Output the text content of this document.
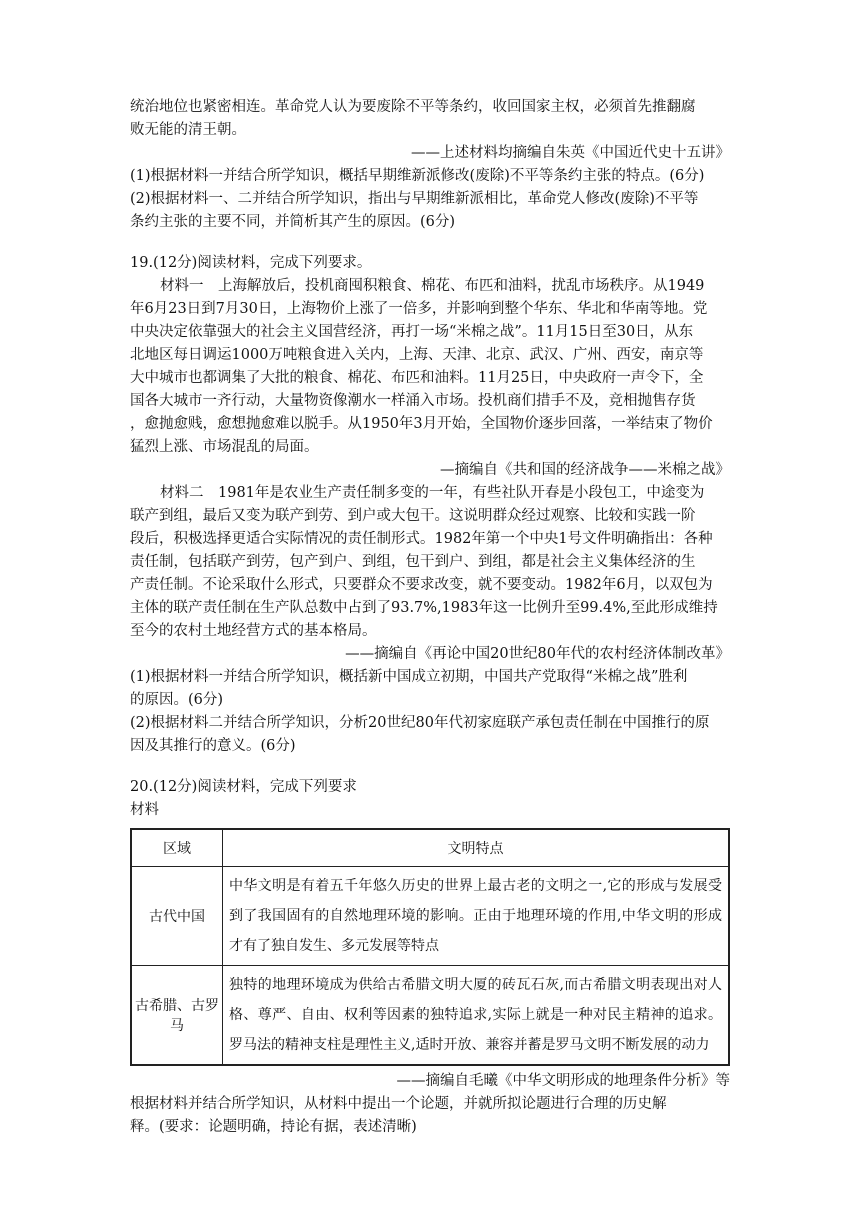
统治地位也紧密相连。革命党人认为要废除不平等条约，收回国家主权，必须首先推翻腐

败无能的清王朝。

——上述材料均摘编自朱英《中国近代史十五讲》

(1)根据材料一并结合所学知识，概括早期维新派修改(废除)不平等条约主张的特点。(6分)

(2)根据材料一、二并结合所学知识，指出与早期维新派相比，革命党人修改(废除)不平等

条约主张的主要不同，并简析其产生的原因。(6分)

19.(12分)阅读材料，完成下列要求。

材料一　上海解放后，投机商囤积粮食、棉花、布匹和油料，扰乱市场秩序。从1949

年6月23日到7月30日，上海物价上涨了一倍多，并影响到整个华东、华北和华南等地。党

中央决定依靠强大的社会主义国营经济，再打一场“米棉之战”。11月15日至30日，从东

北地区每日调运1000万吨粮食进入关内，上海、天津、北京、武汉、广州、西安，南京等

大中城市也都调集了大批的粮食、棉花、布匹和油料。11月25日，中央政府一声令下，全

国各大城市一齐行动，大量物资像潮水一样涌入市场。投机商们措手不及，竞相抛售存货

，愈抛愈贱，愈想抛愈难以脱手。从1950年3月开始，全国物价逐步回落，一举结束了物价

猛烈上涨、市场混乱的局面。

—摘编自《共和国的经济战争——米棉之战》

材料二　1981年是农业生产责任制多变的一年，有些社队开春是小段包工，中途变为

联产到组，最后又变为联产到劳、到户或大包干。这说明群众经过观察、比较和实践一阶

段后，积极选择更适合实际情况的责任制形式。1982年第一个中央1号文件明确指出：各种

责任制，包括联产到劳，包产到户、到组，包干到户、到组，都是社会主义集体经济的生

产责任制。不论采取什么形式，只要群众不要求改变，就不要变动。1982年6月，以双包为

主体的联产责任制在生产队总数中占到了93.7%,1983年这一比例升至99.4%,至此形成维持

至今的农村土地经营方式的基本格局。

——摘编自《再论中国20世纪80年代的农村经济体制改革》

(1)根据材料一并结合所学知识，概括新中国成立初期，中国共产党取得“米棉之战”胜利

的原因。(6分)

(2)根据材料二并结合所学知识，分析20世纪80年代初家庭联产承包责任制在中国推行的原

因及其推行的意义。(6分)

20.(12分)阅读材料，完成下列要求

材料

区域	文明特点
古代中国	中华文明是有着五千年悠久历史的世界上最古老的文明之一,它的形成与发展受到了我国固有的自然地理环境的影响。正由于地理环境的作用,中华文明的形成才有了独自发生、多元发展等特点
古希腊、古罗马	独特的地理环境成为供给古希腊文明大厦的砖瓦石灰,而古希腊文明表现出对人格、尊严、自由、权利等因素的独特追求,实际上就是一种对民主精神的追求。罗马法的精神支柱是理性主义,适时开放、兼容并蓄是罗马文明不断发展的动力

——摘编自毛曦《中华文明形成的地理条件分析》等

根据材料并结合所学知识，从材料中提出一个论题，并就所拟论题进行合理的历史解

释。(要求：论题明确，持论有据，表述清晰)
